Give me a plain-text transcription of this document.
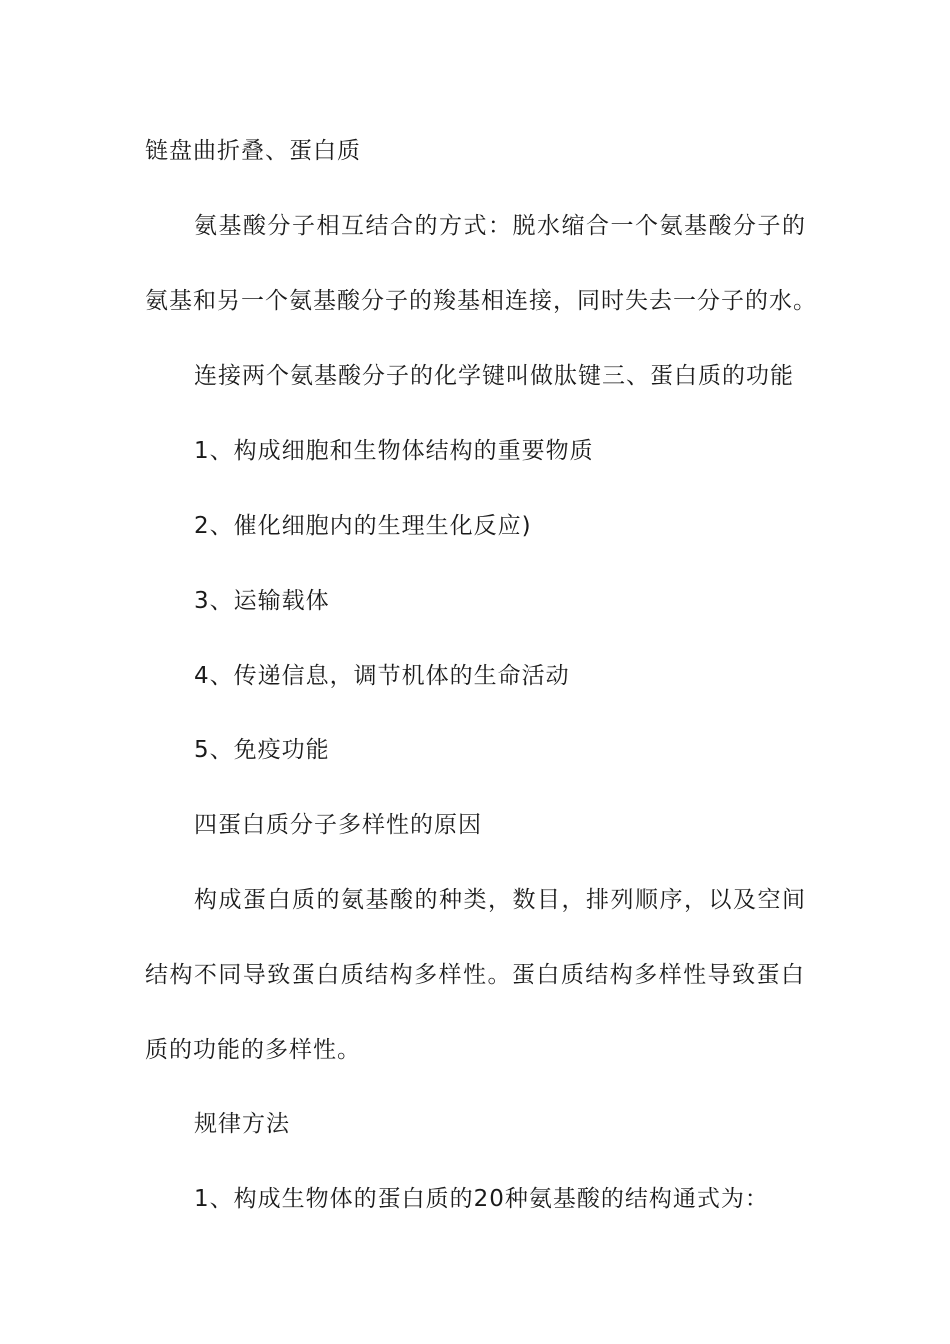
链盘曲折叠、蛋白质
氨基酸分子相互结合的方式：脱水缩合一个氨基酸分子的
氨基和另一个氨基酸分子的羧基相连接，同时失去一分子的水。
连接两个氨基酸分子的化学键叫做肽键三、蛋白质的功能
1、构成细胞和生物体结构的重要物质
2、催化细胞内的生理生化反应)
3、运输载体
4、传递信息，调节机体的生命活动
5、免疫功能
四蛋白质分子多样性的原因
构成蛋白质的氨基酸的种类，数目，排列顺序，以及空间
结构不同导致蛋白质结构多样性。蛋白质结构多样性导致蛋白
质的功能的多样性。
规律方法
1、构成生物体的蛋白质的20种氨基酸的结构通式为：
